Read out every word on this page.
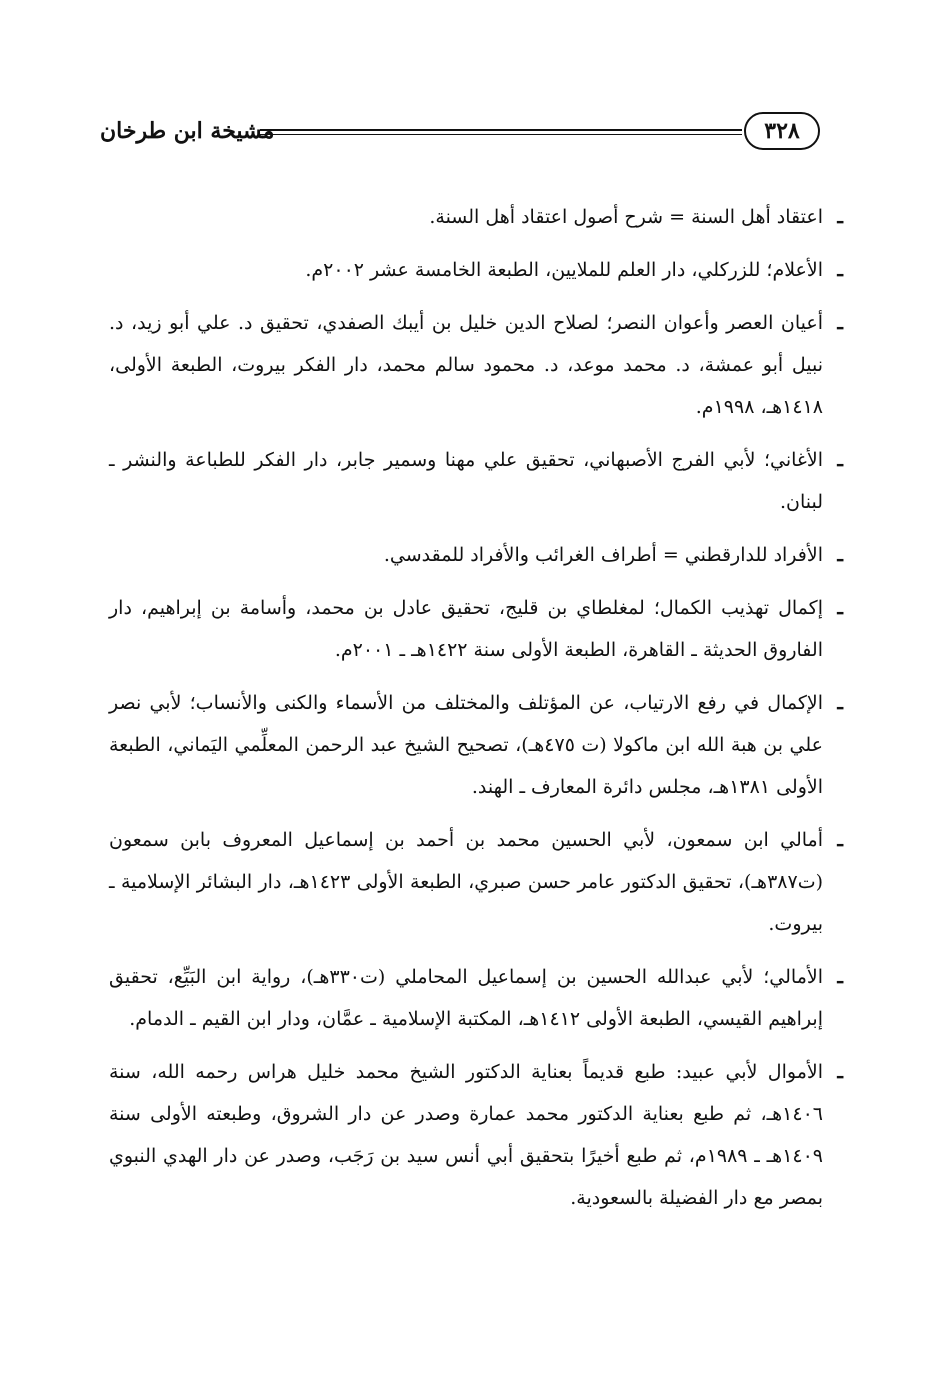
مشيخة ابن طرخان	٣٢٨
ـ
اعتقاد أهل السنة = شرح أصول اعتقاد أهل السنة.
ـ
الأعلام؛ للزركلي، دار العلم للملايين، الطبعة الخامسة عشر ٢٠٠٢م.
ـ
أعيان العصر وأعوان النصر؛ لصلاح الدين خليل بن أيبك الصفدي، تحقيق د. علي أبو زيد، د. نبيل أبو عمشة، د. محمد موعد، د. محمود سالم محمد، دار الفكر بيروت، الطبعة الأولى، ١٤١٨هـ، ١٩٩٨م.
ـ
الأغاني؛ لأبي الفرج الأصبهاني، تحقيق علي مهنا وسمير جابر، دار الفكر للطباعة والنشر ـ لبنان.
ـ
الأفراد للدارقطني = أطراف الغرائب والأفراد للمقدسي.
ـ
إكمال تهذيب الكمال؛ لمغلطاي بن قليج، تحقيق عادل بن محمد، وأسامة بن إبراهيم، دار الفاروق الحديثة ـ القاهرة، الطبعة الأولى سنة ١٤٢٢هـ ـ ٢٠٠١م.
ـ
الإكمال في رفع الارتياب، عن المؤتلف والمختلف من الأسماء والكنى والأنساب؛ لأبي نصر علي بن هبة الله ابن ماكولا (ت ٤٧٥هـ)، تصحيح الشيخ عبد الرحمن المعلِّمي اليَماني، الطبعة الأولى ١٣٨١هـ، مجلس دائرة المعارف ـ الهند.
ـ
أمالي ابن سمعون، لأبي الحسين محمد بن أحمد بن إسماعيل المعروف بابن سمعون (ت٣٨٧هـ)، تحقيق الدكتور عامر حسن صبري، الطبعة الأولى ١٤٢٣هـ، دار البشائر الإسلامية ـ بيروت.
ـ
الأمالي؛ لأبي عبدالله الحسين بن إسماعيل المحاملي (ت٣٣٠هـ)، رواية ابن البَيِّع، تحقيق إبراهيم القيسي، الطبعة الأولى ١٤١٢هـ، المكتبة الإسلامية ـ عمَّان، ودار ابن القيم ـ الدمام.
ـ
الأموال لأبي عبيد: طبع قديماً بعناية الدكتور الشيخ محمد خليل هراس رحمه الله، سنة ١٤٠٦هـ، ثم طبع بعناية الدكتور محمد عمارة وصدر عن دار الشروق، وطبعته الأولى سنة ١٤٠٩هـ ـ ١٩٨٩م، ثم طبع أخيرًا بتحقيق أبي أنس سيد بن رَجَب، وصدر عن دار الهدي النبوي بمصر مع دار الفضيلة بالسعودية.
